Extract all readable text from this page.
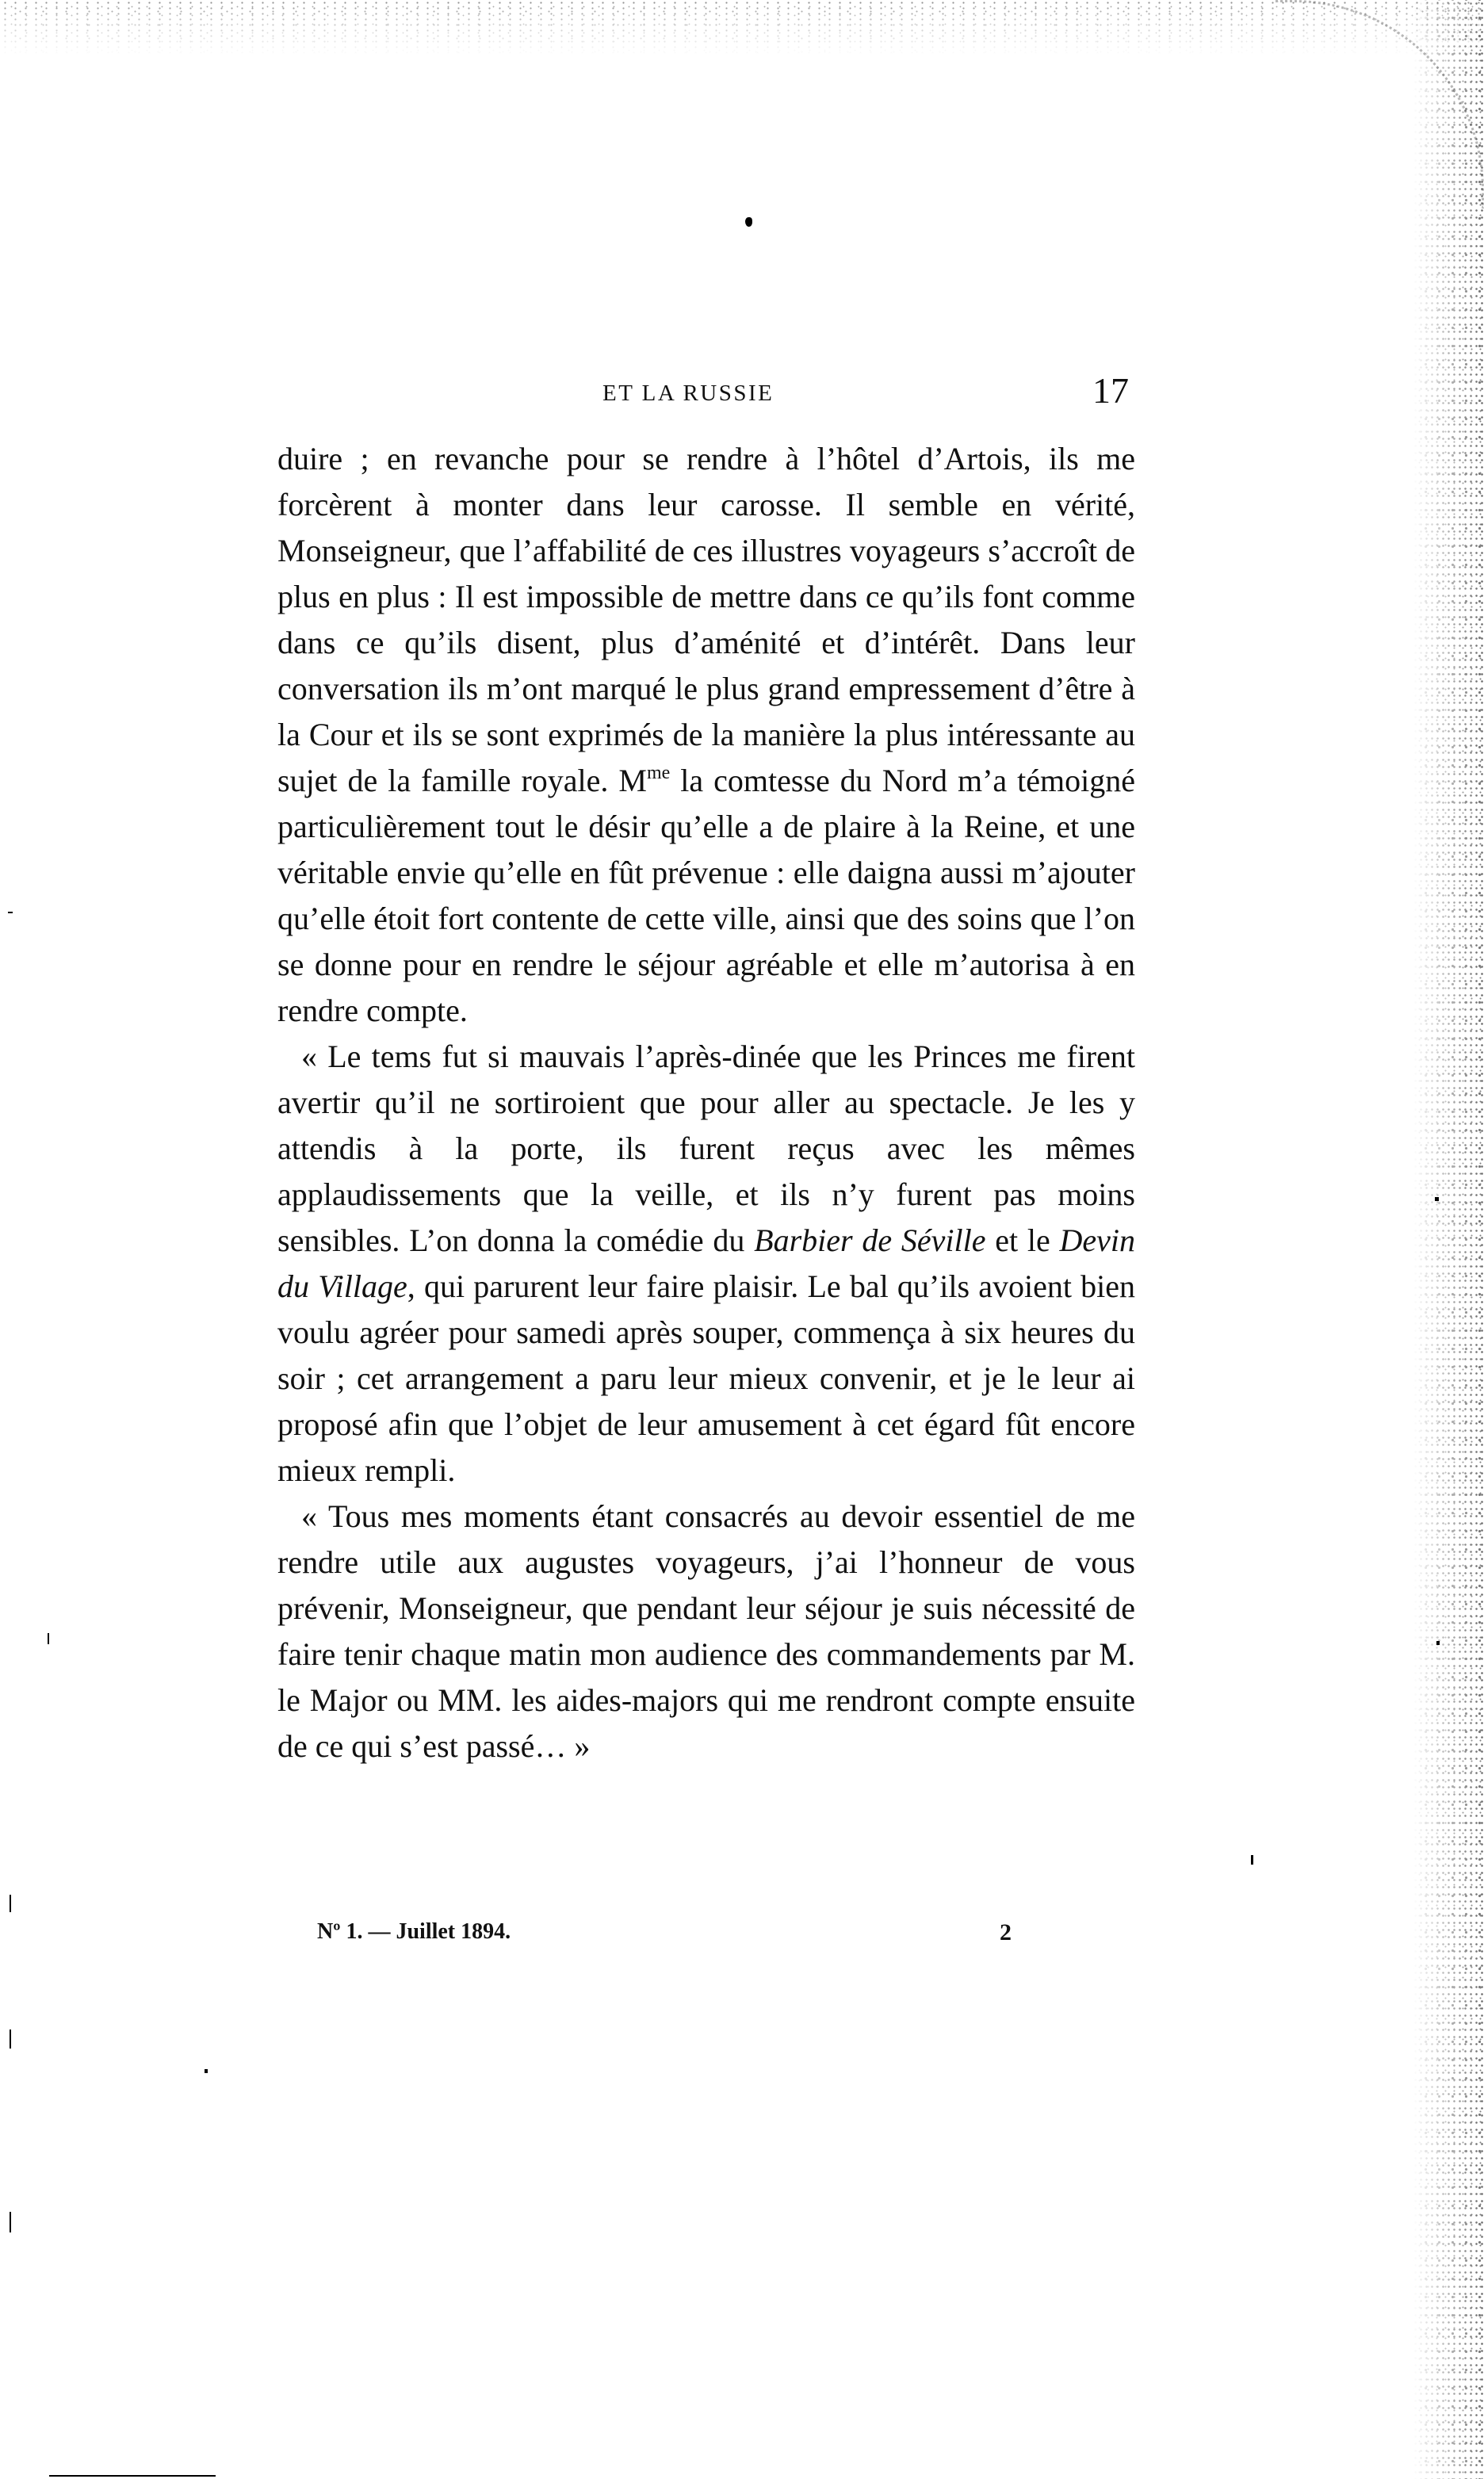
ET LA RUSSIE	17

duire ; en revanche pour se rendre à l’hôtel d’Artois, ils me forcèrent à monter dans leur carosse. Il semble en vérité, Monseigneur, que l’affabilité de ces illustres voyageurs s’accroît de plus en plus : Il est impossible de mettre dans ce qu’ils font comme dans ce qu’ils disent, plus d’aménité et d’intérêt. Dans leur conversation ils m’ont marqué le plus grand empressement d’être à la Cour et ils se sont exprimés de la manière la plus intéressante au sujet de la famille royale. $M^{me}$ la comtesse du Nord m’a témoigné particulièrement tout le désir qu’elle a de plaire à la Reine, et une véritable envie qu’elle en fût prévenue : elle daigna aussi m’ajouter qu’elle étoit fort contente de cette ville, ainsi que des soins que l’on se donne pour en rendre le séjour agréable et elle m’autorisa à en rendre compte.

« Le tems fut si mauvais l’après-dinée que les Princes me firent avertir qu’il ne sortiroient que pour aller au spectacle. Je les y attendis à la porte, ils furent reçus avec les mêmes applaudissements que la veille, et ils n’y furent pas moins sensibles. L’on donna la comédie du Barbier de Séville et le Devin du Village, qui parurent leur faire plaisir. Le bal qu’ils avoient bien voulu agréer pour samedi après souper, commença à six heures du soir ; cet arrangement a paru leur mieux convenir, et je le leur ai proposé afin que l’objet de leur amusement à cet égard fût encore mieux rempli.

« Tous mes moments étant consacrés au devoir essentiel de me rendre utile aux augustes voyageurs, j’ai l’honneur de vous prévenir, Monseigneur, que pendant leur séjour je suis nécessité de faire tenir chaque matin mon audience des commandements par M. le Major ou MM. les aides-majors qui me rendront compte ensuite de ce qui s’est passé… »

Nº 1. — Juillet 1894.	2
